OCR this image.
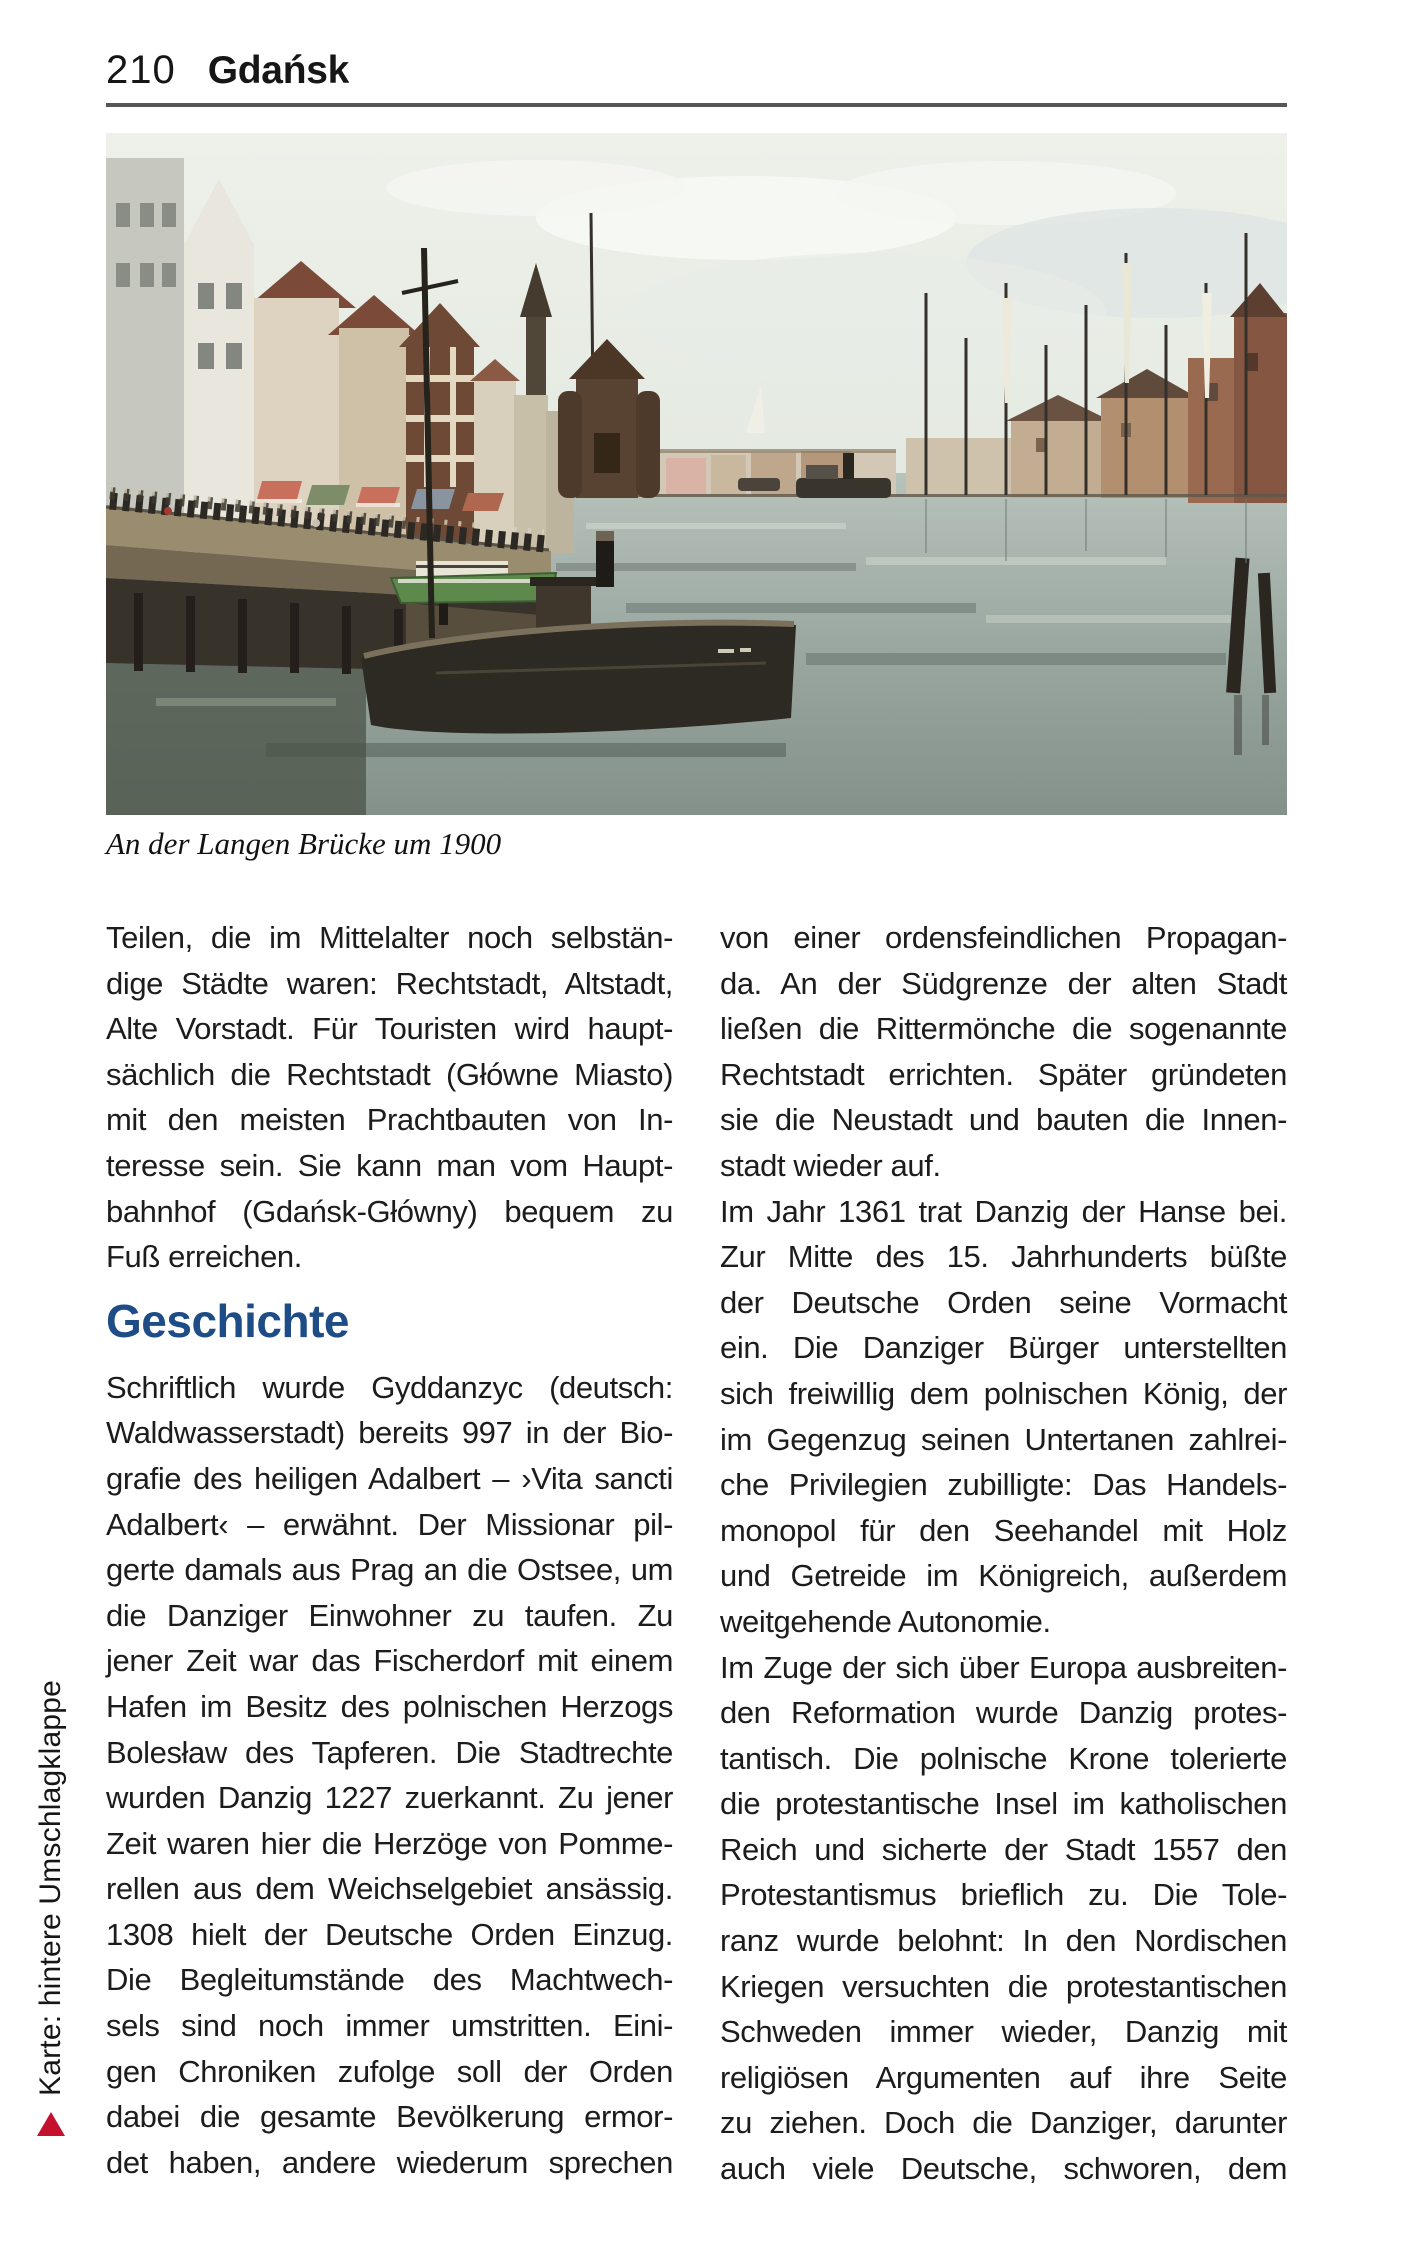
210 Gdańsk
An der Langen Brücke um 1900
Teilen, die im Mittelalter noch selbstän-
dige Städte waren: Rechtstadt, Altstadt,
Alte Vorstadt. Für Touristen wird haupt-
sächlich die Rechtstadt (Główne Miasto)
mit den meisten Prachtbauten von In-
teresse sein. Sie kann man vom Haupt-
bahnhof (Gdańsk-Główny) bequem zu
Fuß erreichen.
Geschichte
Schriftlich wurde Gyddanzyc (deutsch:
Waldwasserstadt) bereits 997 in der Bio-
grafie des heiligen Adalbert – ›Vita sancti
Adalbert‹ – erwähnt. Der Missionar pil-
gerte damals aus Prag an die Ostsee, um
die Danziger Einwohner zu taufen. Zu
jener Zeit war das Fischerdorf mit einem
Hafen im Besitz des polnischen Herzogs
Bolesław des Tapferen. Die Stadtrechte
wurden Danzig 1227 zuerkannt. Zu jener
Zeit waren hier die Herzöge von Pomme-
rellen aus dem Weichselgebiet ansässig.
1308 hielt der Deutsche Orden Einzug.
Die Begleitumstände des Machtwech-
sels sind noch immer umstritten. Eini-
gen Chroniken zufolge soll der Orden
dabei die gesamte Bevölkerung ermor-
det haben, andere wiederum sprechen
von einer ordensfeindlichen Propagan-
da. An der Südgrenze der alten Stadt
ließen die Rittermönche die sogenannte
Rechtstadt errichten. Später gründeten
sie die Neustadt und bauten die Innen-
stadt wieder auf.
Im Jahr 1361 trat Danzig der Hanse bei.
Zur Mitte des 15. Jahrhunderts büßte
der Deutsche Orden seine Vormacht
ein. Die Danziger Bürger unterstellten
sich freiwillig dem polnischen König, der
im Gegenzug seinen Untertanen zahlrei-
che Privilegien zubilligte: Das Handels-
monopol für den Seehandel mit Holz
und Getreide im Königreich, außerdem
weitgehende Autonomie.
Im Zuge der sich über Europa ausbreiten-
den Reformation wurde Danzig protes-
tantisch. Die polnische Krone tolerierte
die protestantische Insel im katholischen
Reich und sicherte der Stadt 1557 den
Protestantismus brieflich zu. Die Tole-
ranz wurde belohnt: In den Nordischen
Kriegen versuchten die protestantischen
Schweden immer wieder, Danzig mit
religiösen Argumenten auf ihre Seite
zu ziehen. Doch die Danziger, darunter
auch viele Deutsche, schworen, dem
Karte: hintere Umschlagklappe
